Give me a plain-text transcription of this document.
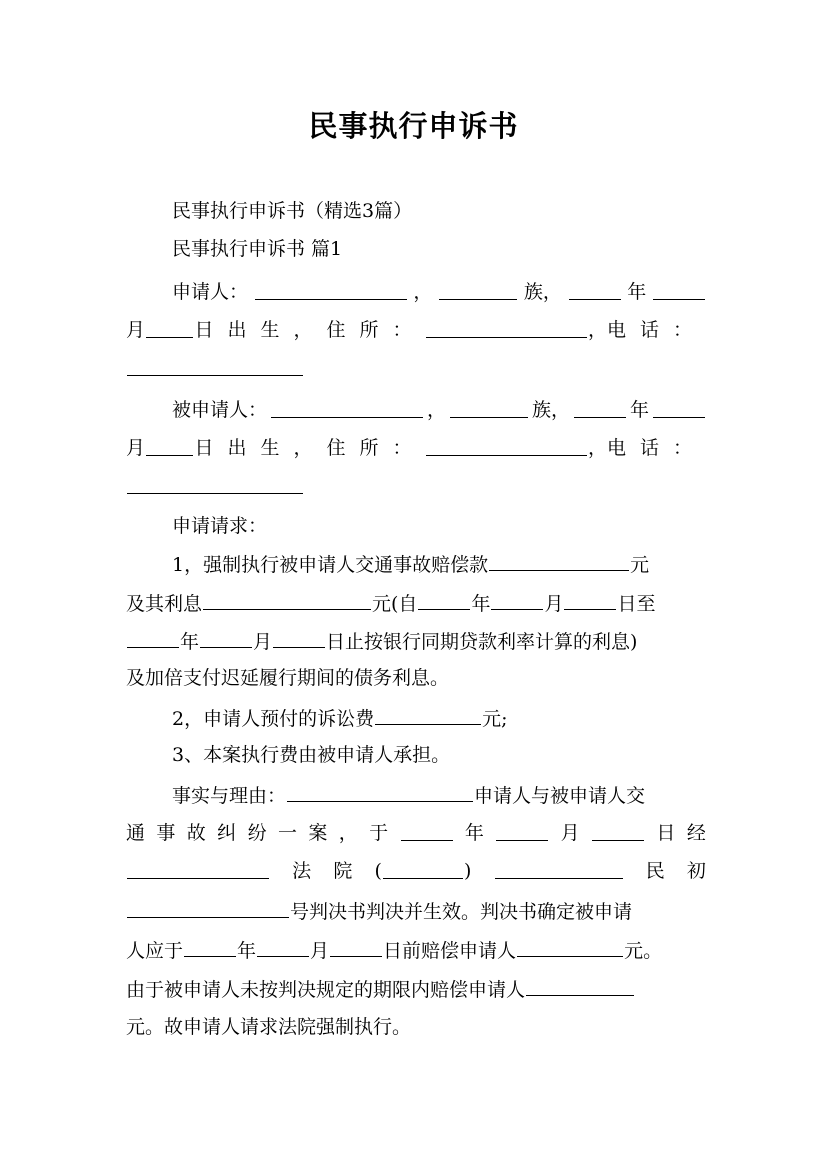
民事执行申诉书
民事执行申诉书（精选3篇）
民事执行申诉书 篇1
申请人：	，	族，	年
月	日出生，住所：	， 电话：
被申请人：	，	族，	年
月	日出生，住所：	， 电话：
申请请求：
1，强制执行被申请人交通事故赔偿款	元
及其利息	元(自	年	月	日至
年	月	日止按银行同期贷款利率计算的利息)
及加倍支付迟延履行期间的债务利息。
2，申请人预付的诉讼费	元;
3、本案执行费由被申请人承担。
事实与理由：	申请人与被申请人交
通 事 故 纠 纷 一 案 ， 于	年	月	日 经
法 院 (	)	民 初
号判决书判决并生效。判决书确定被申请
人应于	年	月	日前赔偿申请人	元。
由于被申请人未按判决规定的期限内赔偿申请人
元。故申请人请求法院强制执行。
